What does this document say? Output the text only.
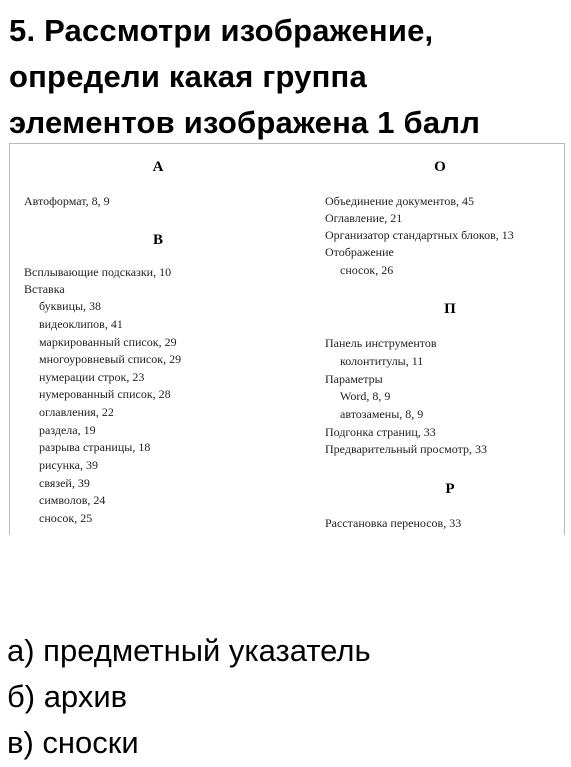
5. Рассмотри изображение,
определи какая группа
элементов изображена 1 балл
А
Автоформат, 8, 9
В
Всплывающие подсказки, 10
Вставка
буквицы, 38
видеоклипов, 41
маркированный список, 29
многоуровневый список, 29
нумерации строк, 23
нумерованный список, 28
оглавления, 22
раздела, 19
разрыва страницы, 18
рисунка, 39
связей, 39
символов, 24
сносок, 25
О
Объединение документов, 45
Оглавление, 21
Организатор стандартных блоков, 13
Отображение
сносок, 26
П
Панель инструментов
колонтитулы, 11
Параметры
Word, 8, 9
автозамены, 8, 9
Подгонка страниц, 33
Предварительный просмотр, 33
Р
Расстановка переносов, 33
а) предметный указатель
б) архив
в) сноски
